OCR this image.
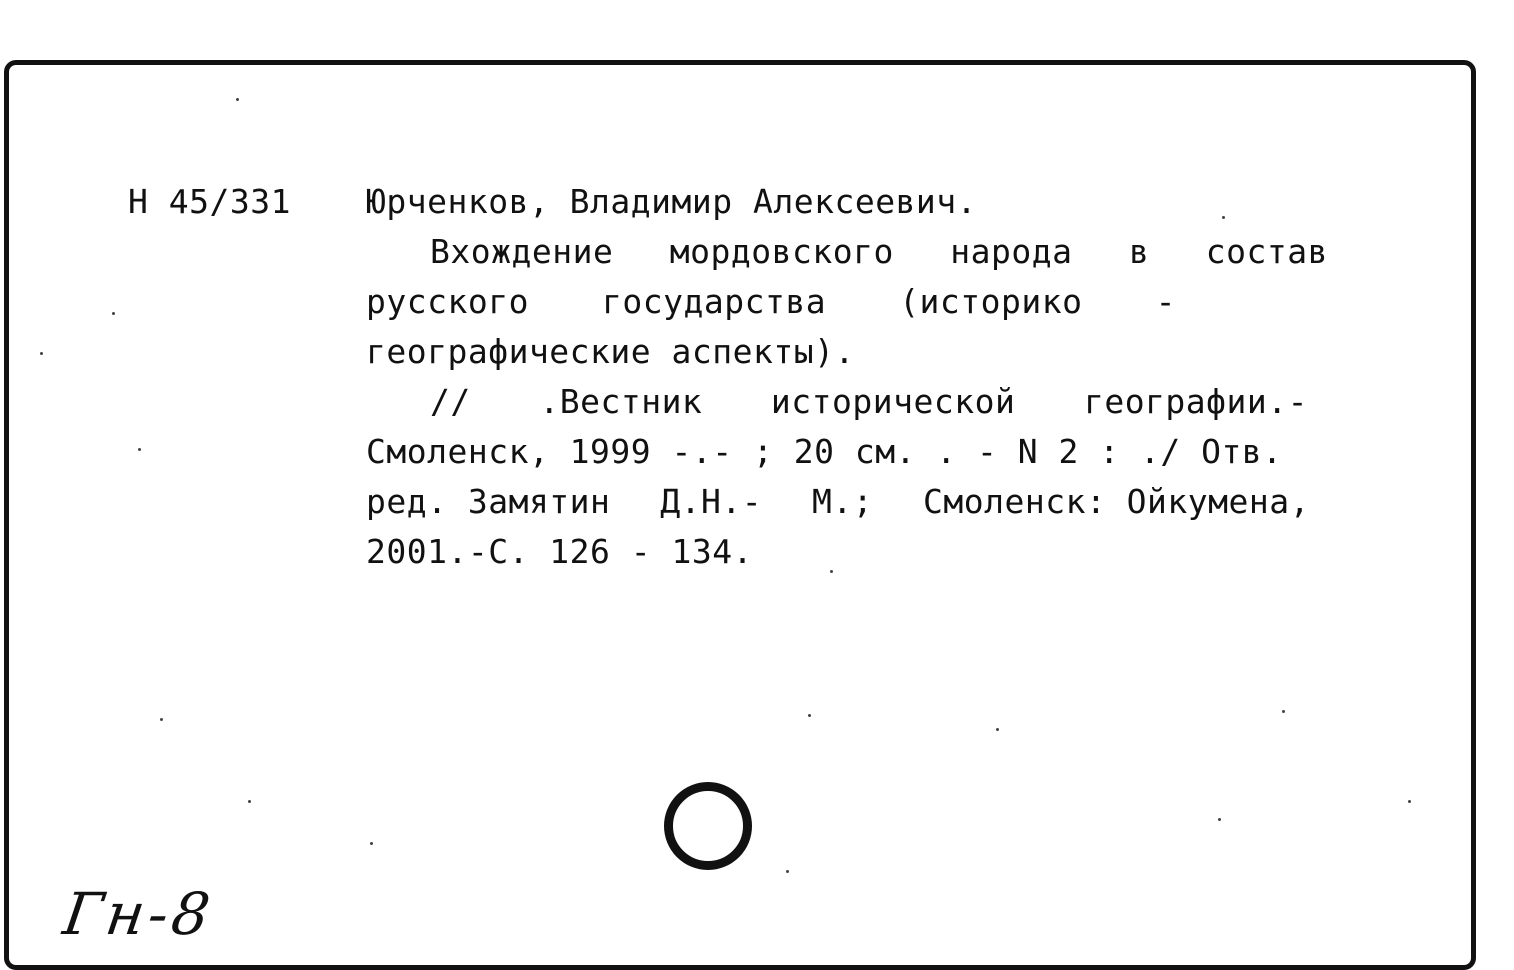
Н 45/331 Юрченков, Владимир Алексеевич.
Вхождение мордовского народа в состав
русского государства (историко -
географические аспекты).
// .Вестник исторической географии.-
Смоленск, 1999 -.- ; 20 см. . - N 2 : ./ Отв.
ред. Замятин Д.Н.- М.; Смоленск: Ойкумена,
2001.-С. 126 - 134.
Гн-8
